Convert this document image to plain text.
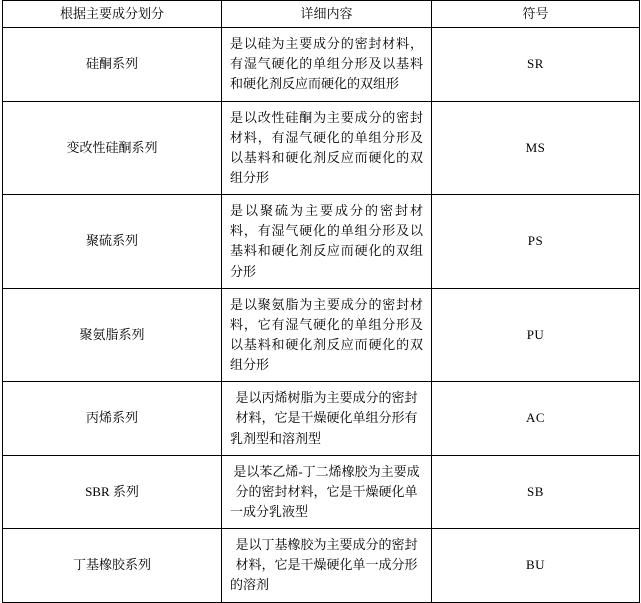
根据主要成分划分	详细内容	符号
硅酮系列	是以硅为主要成分的密封材料，有湿气硬化的单组分形及以基料和硬化剂反应而硬化的双组形	SR
变改性硅酮系列	是以改性硅酮为主要成分的密封材料，有湿气硬化的单组分形及以基料和硬化剂反应而硬化的双组分形	MS
聚硫系列	是以聚硫为主要成分的密封材料，有湿气硬化的单组分形及以基料和硬化剂反应而硬化的双组分形	PS
聚氨脂系列	是以聚氨脂为主要成分的密封材料，它有湿气硬化的单组分形及以基料和硬化剂反应而硬化的双组分形	PU
丙烯系列	是以丙烯树脂为主要成分的密封材料，它是干燥硬化单组分形有乳剂型和溶剂型	AC
SBR 系列	是以苯乙烯-丁二烯橡胶为主要成分的密封材料，它是干燥硬化单一成分乳液型	SB
丁基橡胶系列	是以丁基橡胶为主要成分的密封材料，它是干燥硬化单一成分形的溶剂	BU
